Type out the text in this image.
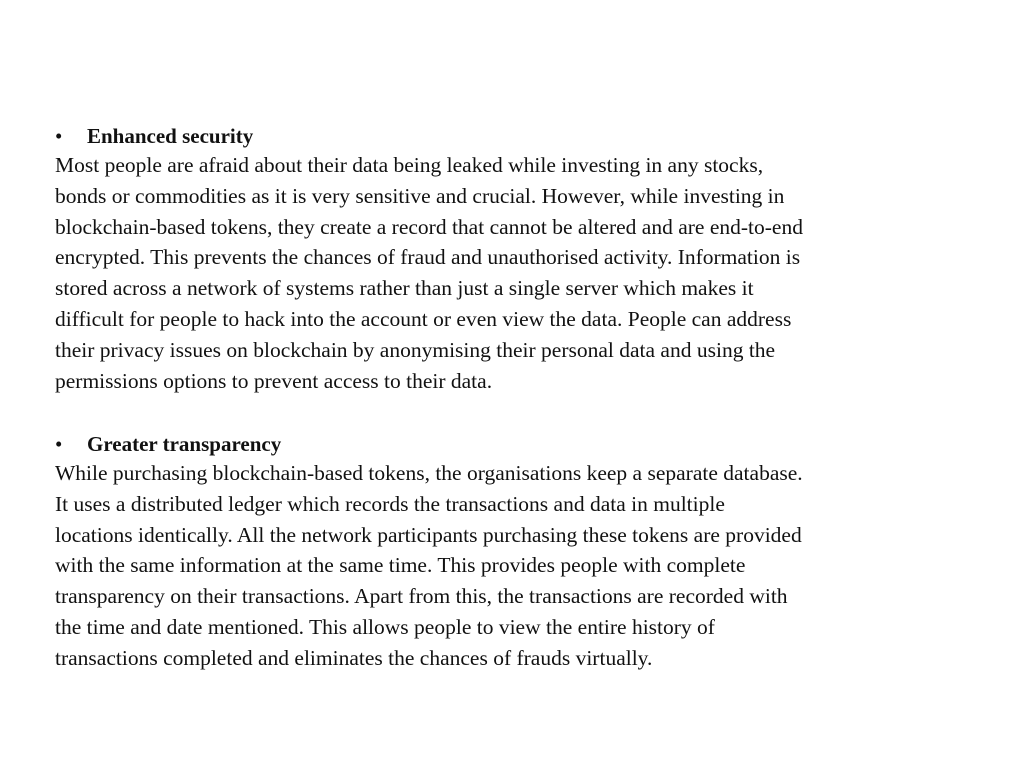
•	Enhanced security

Most people are afraid about their data being leaked while investing in any stocks,
bonds or commodities as it is very sensitive and crucial. However, while investing in
blockchain-based tokens, they create a record that cannot be altered and are end-to-end
encrypted. This prevents the chances of fraud and unauthorised activity. Information is
stored across a network of systems rather than just a single server which makes it
difficult for people to hack into the account or even view the data. People can address
their privacy issues on blockchain by anonymising their personal data and using the
permissions options to prevent access to their data.

•	Greater transparency

While purchasing blockchain-based tokens, the organisations keep a separate database.
It uses a distributed ledger which records the transactions and data in multiple
locations identically. All the network participants purchasing these tokens are provided
with the same information at the same time. This provides people with complete
transparency on their transactions. Apart from this, the transactions are recorded with
the time and date mentioned. This allows people to view the entire history of
transactions completed and eliminates the chances of frauds virtually.
